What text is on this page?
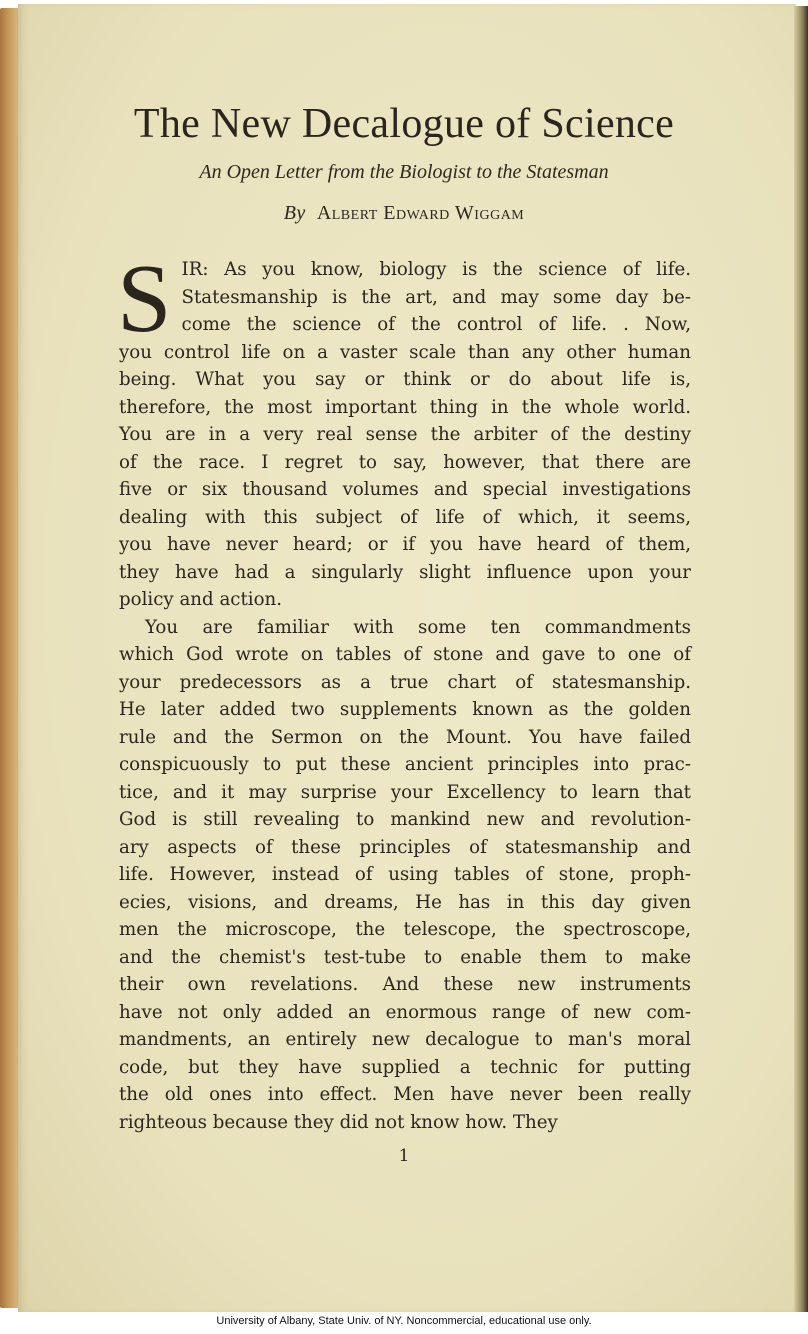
The New Decalogue of Science
An Open Letter from the Biologist to the Statesman
By Albert Edward Wiggam
S IR: As you know, biology is the science of life.
Statesmanship is the art, and may some day be-
come the science of the control of life. . Now,
you control life on a vaster scale than any other human
being. What you say or think or do about life is,
therefore, the most important thing in the whole world.
You are in a very real sense the arbiter of the destiny
of the race. I regret to say, however, that there are
five or six thousand volumes and special investigations
dealing with this subject of life of which, it seems,
you have never heard; or if you have heard of them,
they have had a singularly slight influence upon your
policy and action.
You are familiar with some ten commandments
which God wrote on tables of stone and gave to one of
your predecessors as a true chart of statesmanship.
He later added two supplements known as the golden
rule and the Sermon on the Mount. You have failed
conspicuously to put these ancient principles into prac-
tice, and it may surprise your Excellency to learn that
God is still revealing to mankind new and revolution-
ary aspects of these principles of statesmanship and
life. However, instead of using tables of stone, proph-
ecies, visions, and dreams, He has in this day given
men the microscope, the telescope, the spectroscope,
and the chemist's test-tube to enable them to make
their own revelations. And these new instruments
have not only added an enormous range of new com-
mandments, an entirely new decalogue to man's moral
code, but they have supplied a technic for putting
the old ones into effect. Men have never been really
righteous because they did not know how. They
1
University of Albany, State Univ. of NY. Noncommercial, educational use only.
